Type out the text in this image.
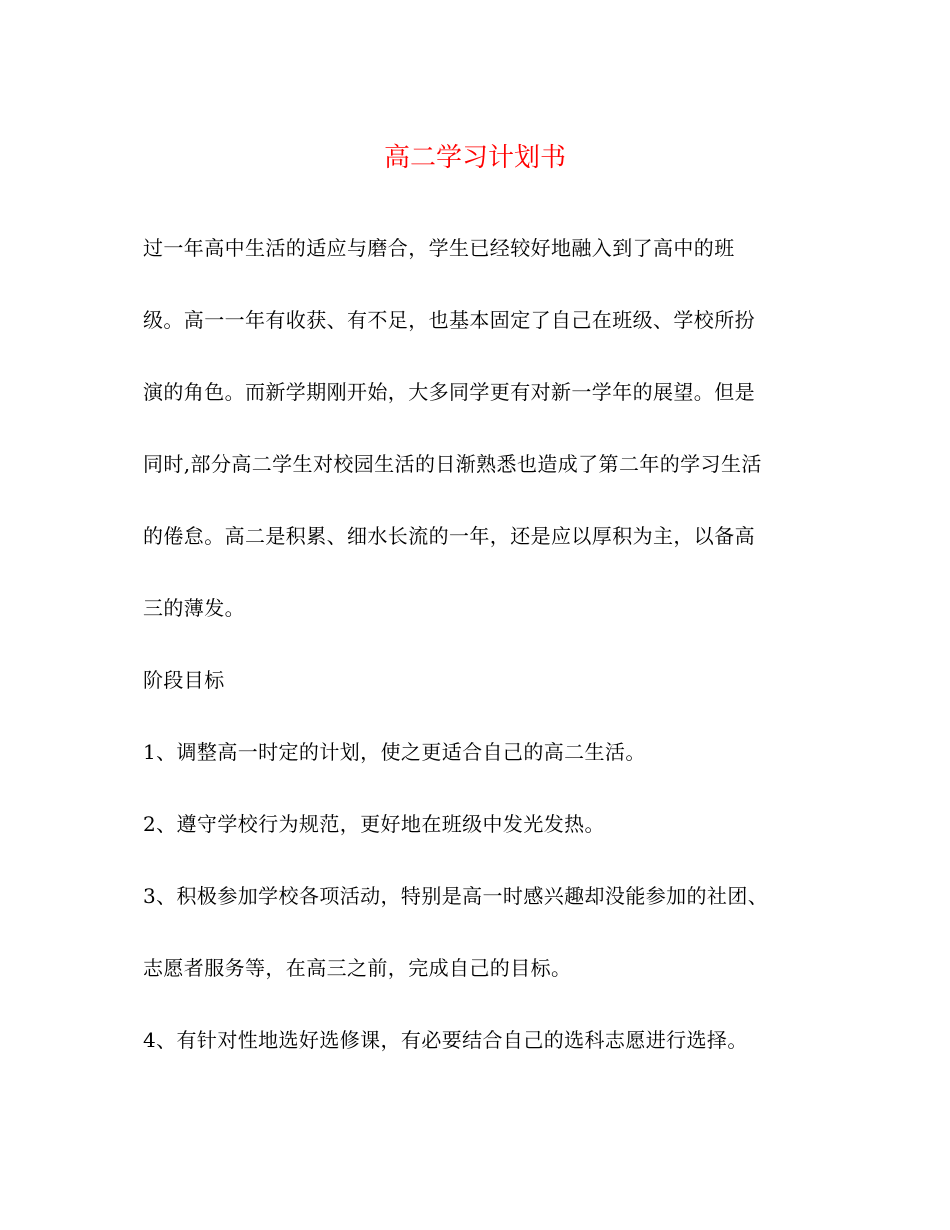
高二学习计划书
过一年高中生活的适应与磨合，学生已经较好地融入到了高中的班
级。高一一年有收获、有不足，也基本固定了自己在班级、学校所扮
演的角色。而新学期刚开始，大多同学更有对新一学年的展望。但是
同时,部分高二学生对校园生活的日渐熟悉也造成了第二年的学习生活
的倦怠。高二是积累、细水长流的一年，还是应以厚积为主，以备高
三的薄发。
阶段目标
1、调整高一时定的计划，使之更适合自己的高二生活。
2、遵守学校行为规范，更好地在班级中发光发热。
3、积极参加学校各项活动，特别是高一时感兴趣却没能参加的社团、
志愿者服务等，在高三之前，完成自己的目标。
4、有针对性地选好选修课，有必要结合自己的选科志愿进行选择。
